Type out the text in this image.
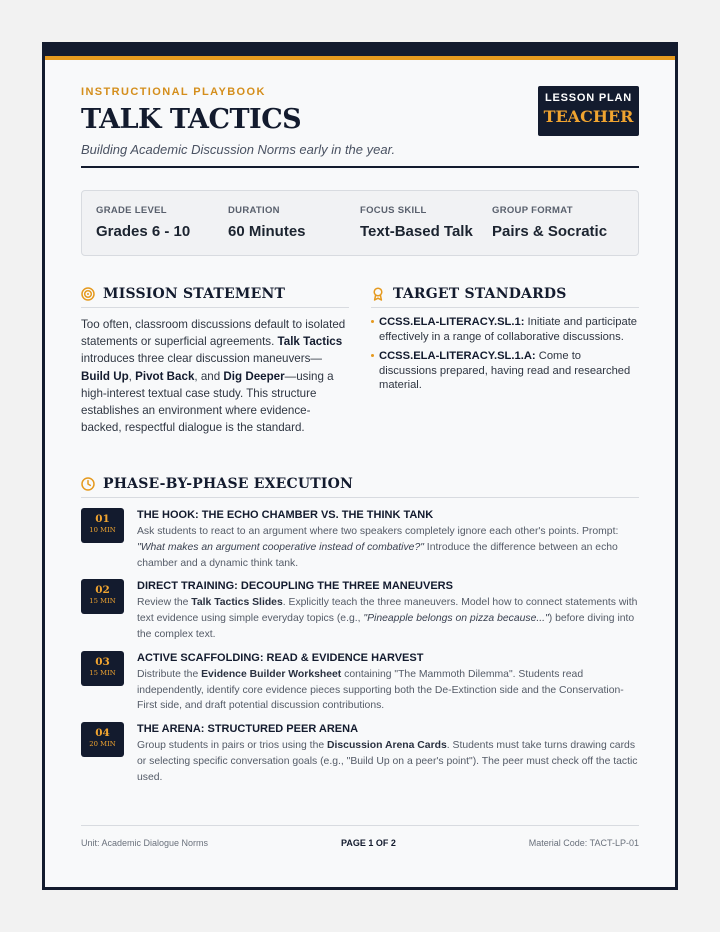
INSTRUCTIONAL PLAYBOOK
TALK TACTICS
Building Academic Discussion Norms early in the year.
LESSON PLAN
TEACHER
GRADE LEVEL
Grades 6 - 10
DURATION
60 Minutes
FOCUS SKILL
Text-Based Talk
GROUP FORMAT
Pairs & Socratic
MISSION STATEMENT

Too often, classroom discussions default to isolated statements or superficial agreements. Talk Tactics introduces three clear discussion maneuvers—Build Up, Pivot Back, and Dig Deeper—using a high-interest textual case study. This structure establishes an environment where evidence-backed, respectful dialogue is the standard.

TARGET STANDARDS
CCSS.ELA-LITERACY.SL.1: Initiate and participate effectively in a range of collaborative discussions.
CCSS.ELA-LITERACY.SL.1.A: Come to discussions prepared, having read and researched material.
PHASE-BY-PHASE EXECUTION
01
10 MIN
THE HOOK: THE ECHO CHAMBER VS. THE THINK TANK
Ask students to react to an argument where two speakers completely ignore each other's points. Prompt: "What makes an argument cooperative instead of combative?" Introduce the difference between an echo chamber and a dynamic think tank.
02
15 MIN
DIRECT TRAINING: DECOUPLING THE THREE MANEUVERS
Review the Talk Tactics Slides. Explicitly teach the three maneuvers. Model how to connect statements with text evidence using simple everyday topics (e.g., "Pineapple belongs on pizza because...") before diving into the complex text.
03
15 MIN
ACTIVE SCAFFOLDING: READ & EVIDENCE HARVEST
Distribute the Evidence Builder Worksheet containing "The Mammoth Dilemma". Students read independently, identify core evidence pieces supporting both the De-Extinction side and the Conservation-First side, and draft potential discussion contributions.
04
20 MIN
THE ARENA: STRUCTURED PEER ARENA
Group students in pairs or trios using the Discussion Arena Cards. Students must take turns drawing cards or selecting specific conversation goals (e.g., "Build Up on a peer's point"). The peer must check off the tactic used.
Unit: Academic Dialogue Norms	PAGE 1 OF 2	Material Code: TACT-LP-01
